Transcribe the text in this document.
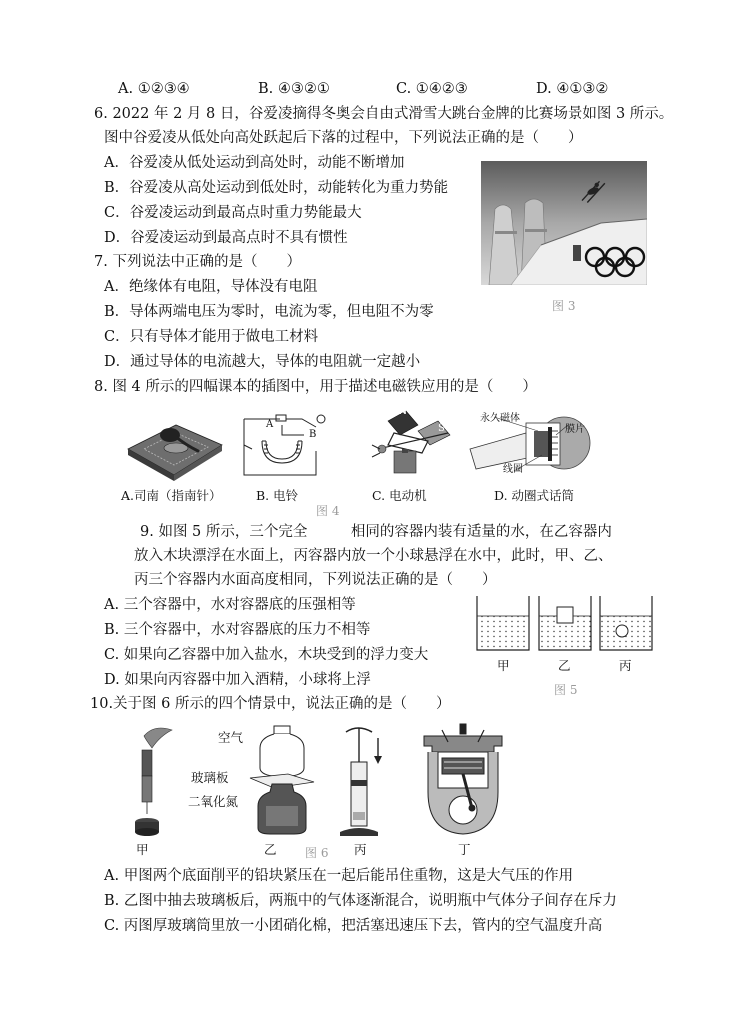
A. ①②③④	B. ④③②①	C. ①④②③	D. ④①③②
6. 2022 年 2 月 8 日，谷爱凌摘得冬奥会自由式滑雪大跳台金牌的比赛场景如图 3 所示。
图中谷爱凌从低处向高处跃起后下落的过程中，下列说法正确的是（　　）
A．谷爱凌从低处运动到高处时，动能不断增加
B．谷爱凌从高处运动到低处时，动能转化为重力势能
C．谷爱凌运动到最高点时重力势能最大
D．谷爱凌运动到最高点时不具有惯性
图 3
7. 下列说法中正确的是（　　）
A．绝缘体有电阻，导体没有电阻
B．导体两端电压为零时，电流为零，但电阻不为零
C．只有导体才能用于做电工材料
D．通过导体的电流越大，导体的电阻就一定越小
8. 图 4 所示的四幅课本的插图中，用于描述电磁铁应用的是（　　）
A
B
N
S
永久磁体
膜片
线圈
A.司南（指南针）	B. 电铃	C. 电动机	D. 动圈式话筒
图 4
9. 如图 5 所示，三个完全　　　相同的容器内装有适量的水，在乙容器内
放入木块漂浮在水面上，丙容器内放一个小球悬浮在水中，此时，甲、乙、
丙三个容器内水面高度相同，下列说法正确的是（　　）
A. 三个容器中，水对容器底的压强相等
B. 三个容器中，水对容器底的压力不相等
C. 如果向乙容器中加入盐水，木块受到的浮力变大
D. 如果向丙容器中加入酒精，小球将上浮
甲	乙	丙
图 5
10.关于图 6 所示的四个情景中，说法正确的是（　　）
空气
玻璃板
二氧化氮
甲	乙	丙	丁
图 6
A. 甲图两个底面削平的铅块紧压在一起后能吊住重物，这是大气压的作用
B. 乙图中抽去玻璃板后，两瓶中的气体逐渐混合，说明瓶中气体分子间存在斥力
C. 丙图厚玻璃筒里放一小团硝化棉，把活塞迅速压下去，管内的空气温度升高
